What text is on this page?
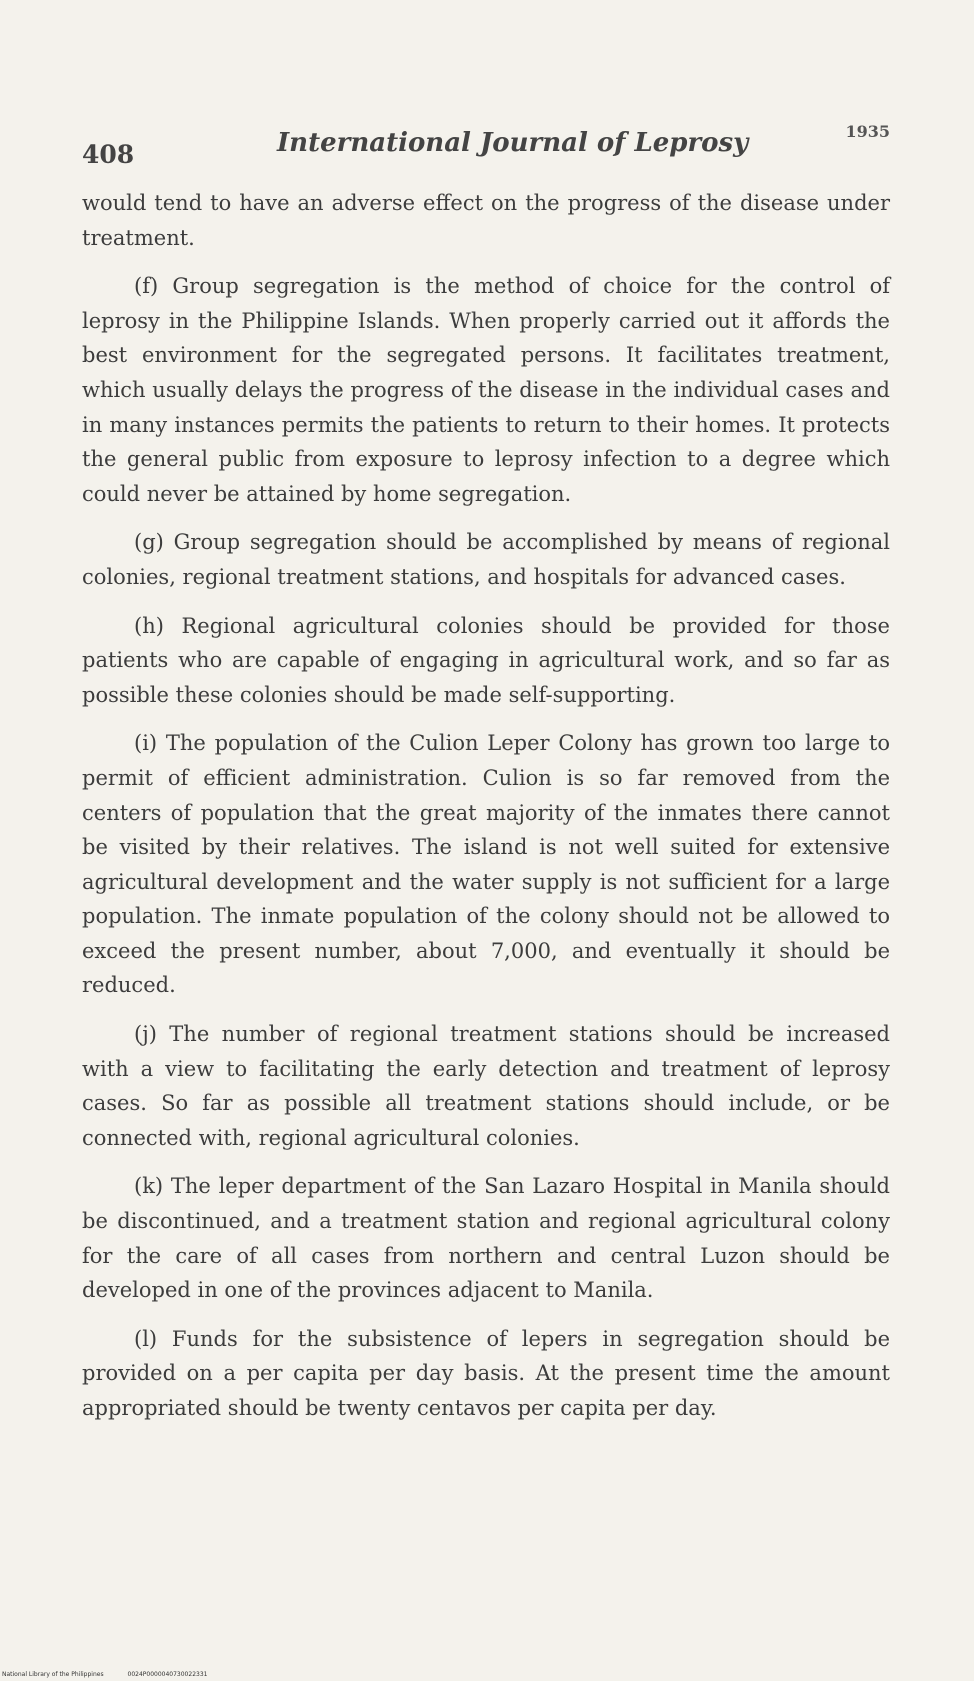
408	International Journal of Leprosy	1935

would tend to have an adverse effect on the progress of the disease under treatment.

(f) Group segregation is the method of choice for the control of leprosy in the Philippine Islands. When properly carried out it affords the best environment for the segregated persons. It facilitates treatment, which usually delays the progress of the disease in the individual cases and in many instances permits the patients to return to their homes. It protects the general public from exposure to leprosy infection to a degree which could never be attained by home segregation.

(g) Group segregation should be accomplished by means of regional colonies, regional treatment stations, and hospitals for advanced cases.

(h) Regional agricultural colonies should be provided for those patients who are capable of engaging in agricultural work, and so far as possible these colonies should be made self-supporting.

(i) The population of the Culion Leper Colony has grown too large to permit of efficient administration. Culion is so far removed from the centers of population that the great majority of the inmates there cannot be visited by their relatives. The island is not well suited for extensive agricultural development and the water supply is not sufficient for a large population. The inmate population of the colony should not be allowed to exceed the present number, about 7,000, and eventually it should be reduced.

(j) The number of regional treatment stations should be increased with a view to facilitating the early detection and treatment of leprosy cases. So far as possible all treatment stations should include, or be connected with, regional agricultural colonies.

(k) The leper department of the San Lazaro Hospital in Manila should be discontinued, and a treatment station and regional agricultural colony for the care of all cases from northern and central Luzon should be developed in one of the provinces adjacent to Manila.

(l) Funds for the subsistence of lepers in segregation should be provided on a per capita per day basis. At the present time the amount appropriated should be twenty centavos per capita per day.

National Library of the Philippines	0024P0000040730022331
